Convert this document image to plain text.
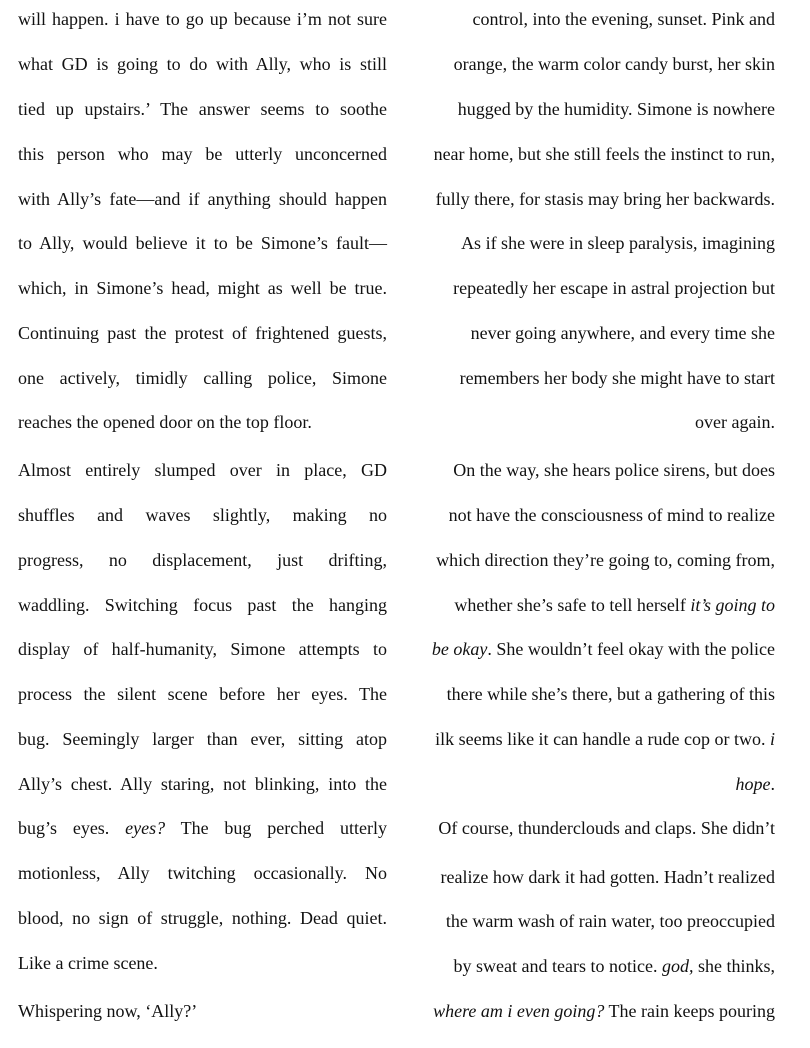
will happen. i have to go up because i’m not sure
what GD is going to do with Ally, who is still
tied up upstairs.’ The answer seems to soothe
this person who may be utterly unconcerned
with Ally’s fate—and if anything should happen
to Ally, would believe it to be Simone’s fault—
which, in Simone’s head, might as well be true.
Continuing past the protest of frightened guests,
one actively, timidly calling police, Simone
reaches the opened door on the top floor.
Almost entirely slumped over in place, GD
shuffles and waves slightly, making no
progress, no displacement, just drifting,
waddling. Switching focus past the hanging
display of half-humanity, Simone attempts to
process the silent scene before her eyes. The
bug. Seemingly larger than ever, sitting atop
Ally’s chest. Ally staring, not blinking, into the
bug’s eyes. eyes? The bug perched utterly
motionless, Ally twitching occasionally. No
blood, no sign of struggle, nothing. Dead quiet.
Like a crime scene.
Whispering now, ‘Ally?’
control, into the evening, sunset. Pink and
orange, the warm color candy burst, her skin
hugged by the humidity. Simone is nowhere
near home, but she still feels the instinct to run,
fully there, for stasis may bring her backwards.
As if she were in sleep paralysis, imagining
repeatedly her escape in astral projection but
never going anywhere, and every time she
remembers her body she might have to start
over again.
On the way, she hears police sirens, but does
not have the consciousness of mind to realize
which direction they’re going to, coming from,
whether she’s safe to tell herself it’s going to
be okay. She wouldn’t feel okay with the police
there while she’s there, but a gathering of this
ilk seems like it can handle a rude cop or two. i
hope.
Of course, thunderclouds and claps. She didn’t
realize how dark it had gotten. Hadn’t realized
the warm wash of rain water, too preoccupied
by sweat and tears to notice. god, she thinks,
where am i even going? The rain keeps pouring
